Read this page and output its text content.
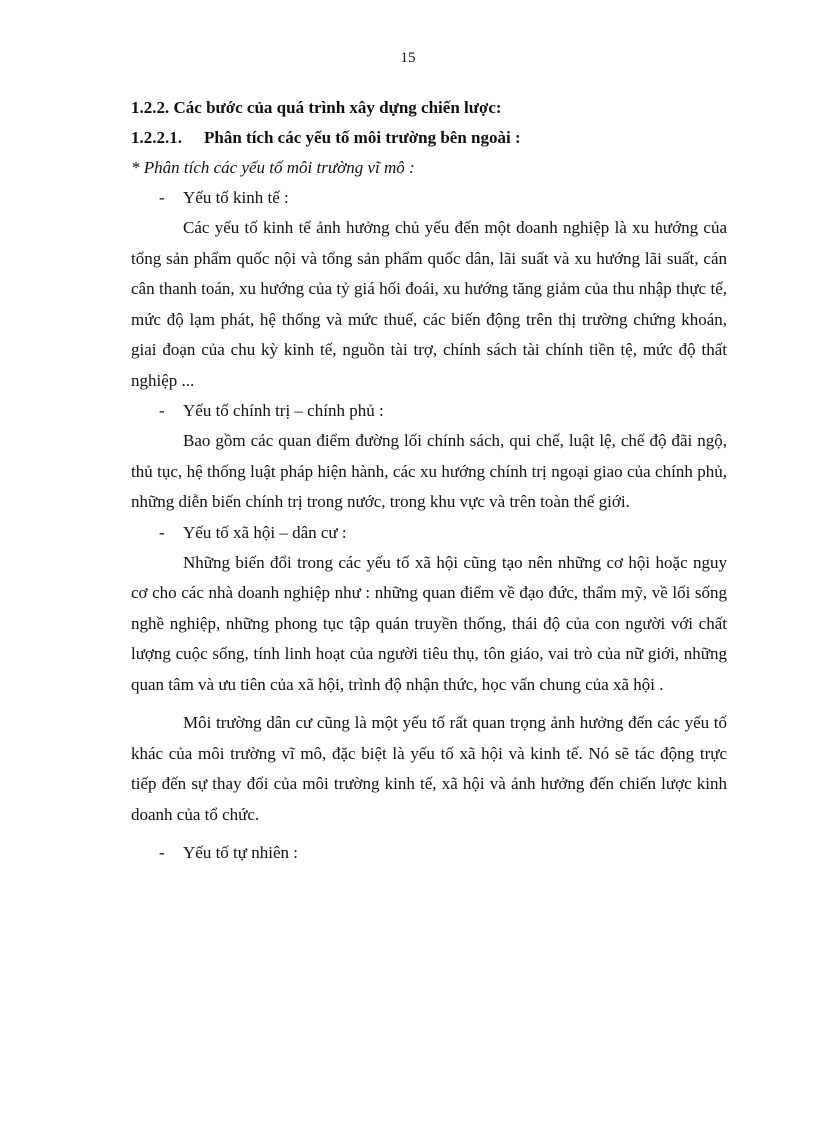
15
1.2.2. Các bước của quá trình xây dựng chiến lược:
1.2.2.1. Phân tích các yếu tố môi trường bên ngoài :
* Phân tích các yếu tố môi trường vĩ mô :
- Yếu tố kinh tế :

Các yếu tố kinh tế ảnh hưởng chủ yếu đến một doanh nghiệp là xu hướng của tổng sản phẩm quốc nội và tổng sản phẩm quốc dân, lãi suất và xu hướng lãi suất, cán cân thanh toán, xu hướng của tỷ giá hối đoái, xu hướng tăng giảm của thu nhập thực tế, mức độ lạm phát, hệ thống và mức thuế, các biến động trên thị trường chứng khoán, giai đoạn của chu kỳ kinh tế, nguồn tài trợ, chính sách tài chính tiền tệ, mức độ thất nghiệp ...

- Yếu tố chính trị – chính phủ :

Bao gồm các quan điểm đường lối chính sách, qui chế, luật lệ, chế độ đãi ngộ, thủ tục, hệ thống luật pháp hiện hành, các xu hướng chính trị ngoại giao của chính phủ, những diễn biến chính trị trong nước, trong khu vực và trên toàn thế giới.

- Yếu tố xã hội – dân cư :

Những biến đổi trong các yếu tố xã hội cũng tạo nên những cơ hội hoặc nguy cơ cho các nhà doanh nghiệp như : những quan điểm về đạo đức, thẩm mỹ, về lối sống nghề nghiệp, những phong tục tập quán truyền thống, thái độ của con người với chất lượng cuộc sống, tính linh hoạt của người tiêu thụ, tôn giáo, vai trò của nữ giới, những quan tâm và ưu tiên của xã hội, trình độ nhận thức, học vấn chung của xã hội .

Môi trường dân cư cũng là một yếu tố rất quan trọng ảnh hưởng đến các yếu tố khác của môi trường vĩ mô, đặc biệt là yếu tố xã hội và kinh tế. Nó sẽ tác động trực tiếp đến sự thay đổi của môi trường kinh tế, xã hội và ảnh hưởng đến chiến lược kinh doanh của tổ chức.

- Yếu tố tự nhiên :
